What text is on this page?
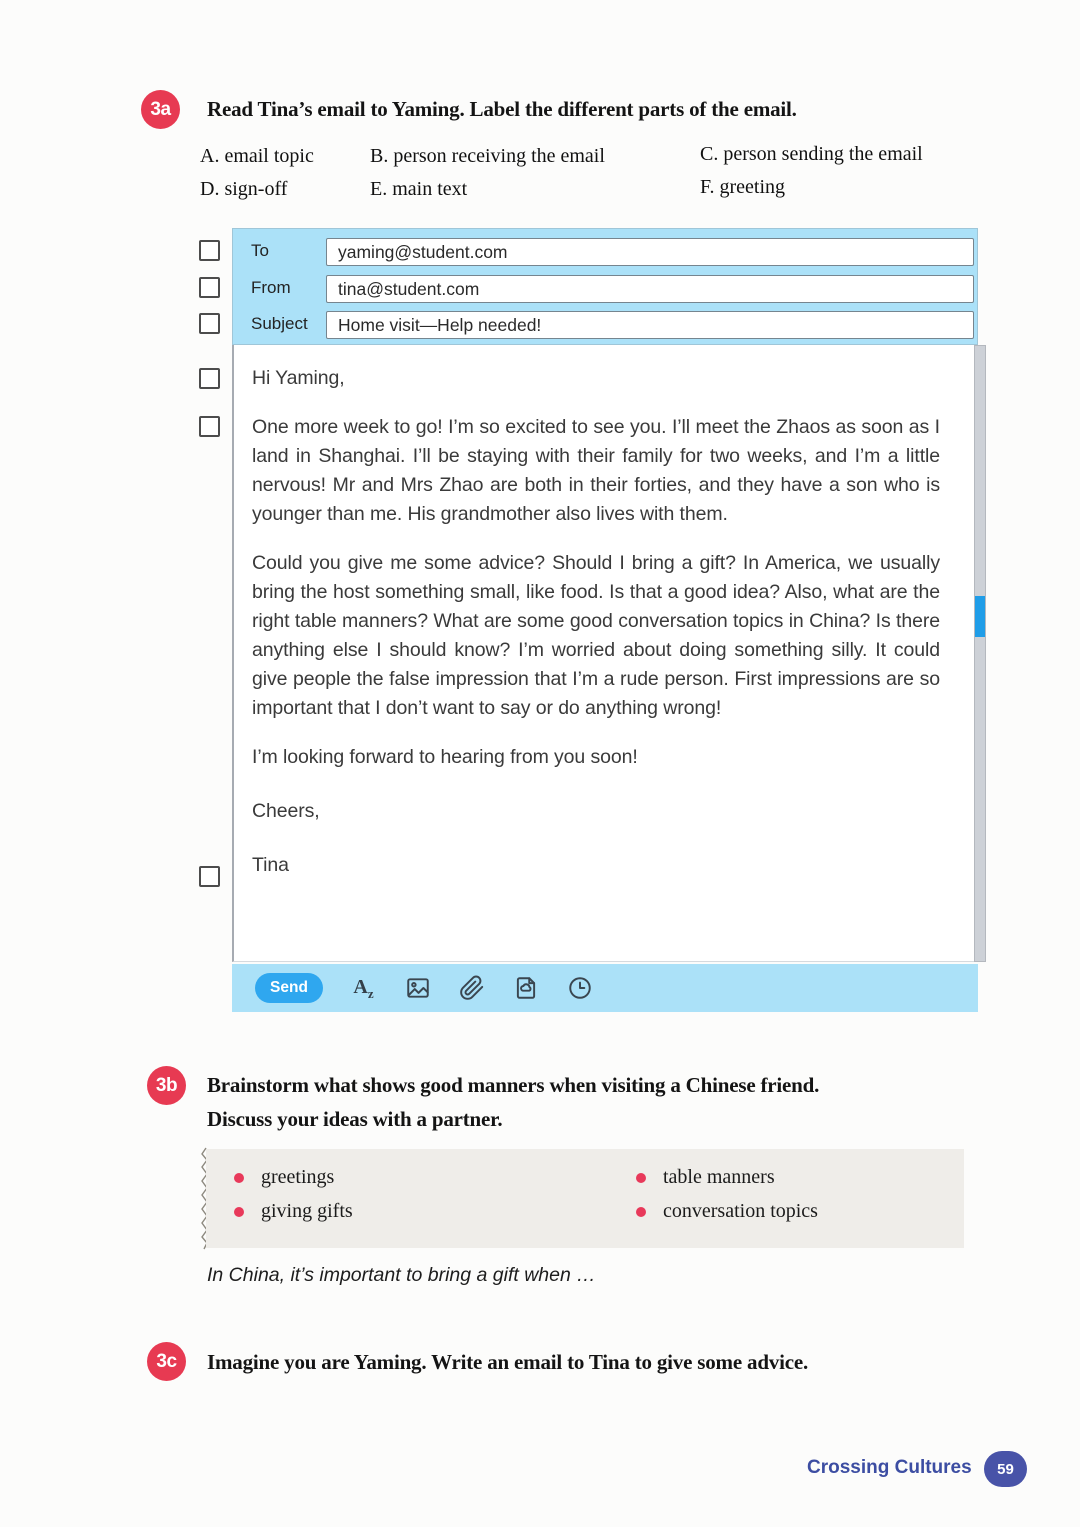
3a Read Tina’s email to Yaming. Label the different parts of the email.
A. email topic	B. person receiving the email	C. person sending the email
D. sign-off	E. main text	F. greeting
To	yaming@student.com
From	tina@student.com
Subject Home visit—Help needed!

Hi Yaming,

One more week to go! I’m so excited to see you. I’ll meet the Zhaos as soon as I land in Shanghai. I’ll be staying with their family for two weeks, and I’m a little nervous! Mr and Mrs Zhao are both in their forties, and they have a son who is younger than me. His grandmother also lives with them.

Could you give me some advice? Should I bring a gift? In America, we usually bring the host something small, like food. Is that a good idea? Also, what are the right table manners? What are some good conversation topics in China? Is there anything else I should know? I’m worried about doing something silly. It could give people the false impression that I’m a rude person. First impressions are so important that I don’t want to say or do anything wrong!

I’m looking forward to hearing from you soon!

Cheers,

Tina

Send $A_z$
3b Brainstorm what shows good manners when visiting a Chinese friend.
Discuss your ideas with a partner.
greetings
giving gifts
table manners
conversation topics
In China, it’s important to bring a gift when …
3c Imagine you are Yaming. Write an email to Tina to give some advice.
Crossing Cultures 59
